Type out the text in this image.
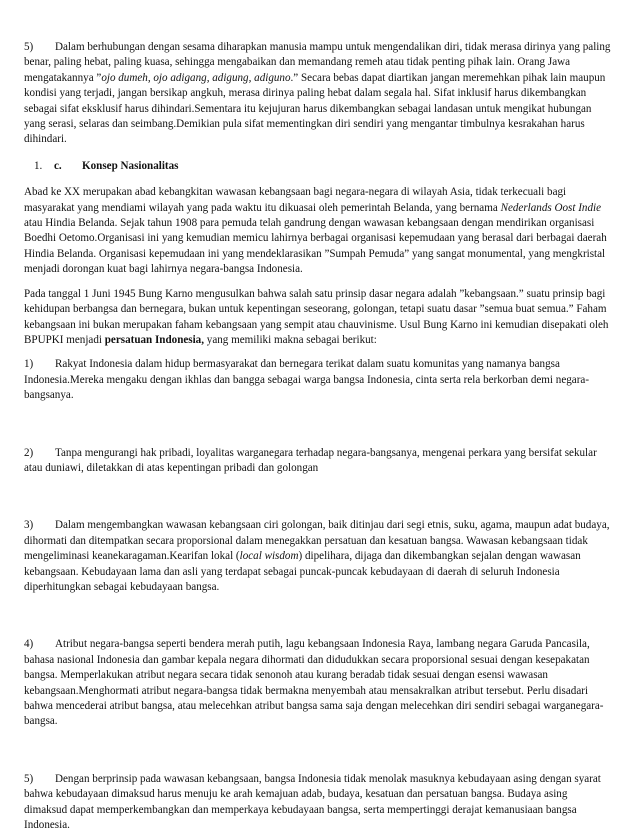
5) Dalam berhubungan dengan sesama diharapkan manusia mampu untuk mengendalikan diri, tidak merasa dirinya yang paling benar, paling hebat, paling kuasa, sehingga mengabaikan dan memandang remeh atau tidak penting pihak lain. Orang Jawa mengatakannya ”ojo dumeh, ojo adigang, adigung, adiguno.” Secara bebas dapat diartikan jangan meremehkan pihak lain maupun kondisi yang terjadi, jangan bersikap angkuh, merasa dirinya paling hebat dalam segala hal. Sifat inklusif harus dikembangkan sebagai sifat eksklusif harus dihindari.Sementara itu kejujuran harus dikembangkan sebagai landasan untuk mengikat hubungan yang serasi, selaras dan seimbang.Demikian pula sifat mementingkan diri sendiri yang mengantar timbulnya kesrakahan harus dihindari.

1. c. Konsep Nasionalitas

Abad ke XX merupakan abad kebangkitan wawasan kebangsaan bagi negara-negara di wilayah Asia, tidak terkecuali bagi masyarakat yang mendiami wilayah yang pada waktu itu dikuasai oleh pemerintah Belanda, yang bernama Nederlands Oost Indie atau Hindia Belanda. Sejak tahun 1908 para pemuda telah gandrung dengan wawasan kebangsaan dengan mendirikan organisasi Boedhi Oetomo.Organisasi ini yang kemudian memicu lahirnya berbagai organisasi kepemudaan yang berasal dari berbagai daerah Hindia Belanda. Organisasi kepemudaan ini yang mendeklarasikan ”Sumpah Pemuda” yang sangat monumental, yang mengkristal menjadi dorongan kuat bagi lahirnya negara-bangsa Indonesia.

Pada tanggal 1 Juni 1945 Bung Karno mengusulkan bahwa salah satu prinsip dasar negara adalah ”kebangsaan.” suatu prinsip bagi kehidupan berbangsa dan bernegara, bukan untuk kepentingan seseorang, golongan, tetapi suatu dasar ”semua buat semua.” Faham kebangsaan ini bukan merupakan faham kebangsaan yang sempit atau chauvinisme. Usul Bung Karno ini kemudian disepakati oleh BPUPKI menjadi persatuan Indonesia, yang memiliki makna sebagai berikut:

1) Rakyat Indonesia dalam hidup bermasyarakat dan bernegara terikat dalam suatu komunitas yang namanya bangsa Indonesia.Mereka mengaku dengan ikhlas dan bangga sebagai warga bangsa Indonesia, cinta serta rela berkorban demi negara-bangsanya.

2) Tanpa mengurangi hak pribadi, loyalitas warganegara terhadap negara-bangsanya, mengenai perkara yang bersifat sekular atau duniawi, diletakkan di atas kepentingan pribadi dan golongan

3) Dalam mengembangkan wawasan kebangsaan ciri golongan, baik ditinjau dari segi etnis, suku, agama, maupun adat budaya, dihormati dan ditempatkan secara proporsional dalam menegakkan persatuan dan kesatuan bangsa. Wawasan kebangsaan tidak mengeliminasi keanekaragaman.Kearifan lokal (local wisdom) dipelihara, dijaga dan dikembangkan sejalan dengan wawasan kebangsaan. Kebudayaan lama dan asli yang terdapat sebagai puncak-puncak kebudayaan di daerah di seluruh Indonesia diperhitungkan sebagai kebudayaan bangsa.

4) Atribut negara-bangsa seperti bendera merah putih, lagu kebangsaan Indonesia Raya, lambang negara Garuda Pancasila, bahasa nasional Indonesia dan gambar kepala negara dihormati dan didudukkan secara proporsional sesuai dengan kesepakatan bangsa. Memperlakukan atribut negara secara tidak senonoh atau kurang beradab tidak sesuai dengan esensi wawasan kebangsaan.Menghormati atribut negara-bangsa tidak bermakna menyembah atau mensakralkan atribut tersebut. Perlu disadari bahwa mencederai atribut bangsa, atau melecehkan atribut bangsa sama saja dengan melecehkan diri sendiri sebagai warganegara-bangsa.

5) Dengan berprinsip pada wawasan kebangsaan, bangsa Indonesia tidak menolak masuknya kebudayaan asing dengan syarat bahwa kebudayaan dimaksud harus menuju ke arah kemajuan adab, budaya, kesatuan dan persatuan bangsa. Budaya asing dimaksud dapat memperkembangkan dan memperkaya kebudayaan bangsa, serta mempertinggi derajat kemanusiaan bangsa Indonesia.
